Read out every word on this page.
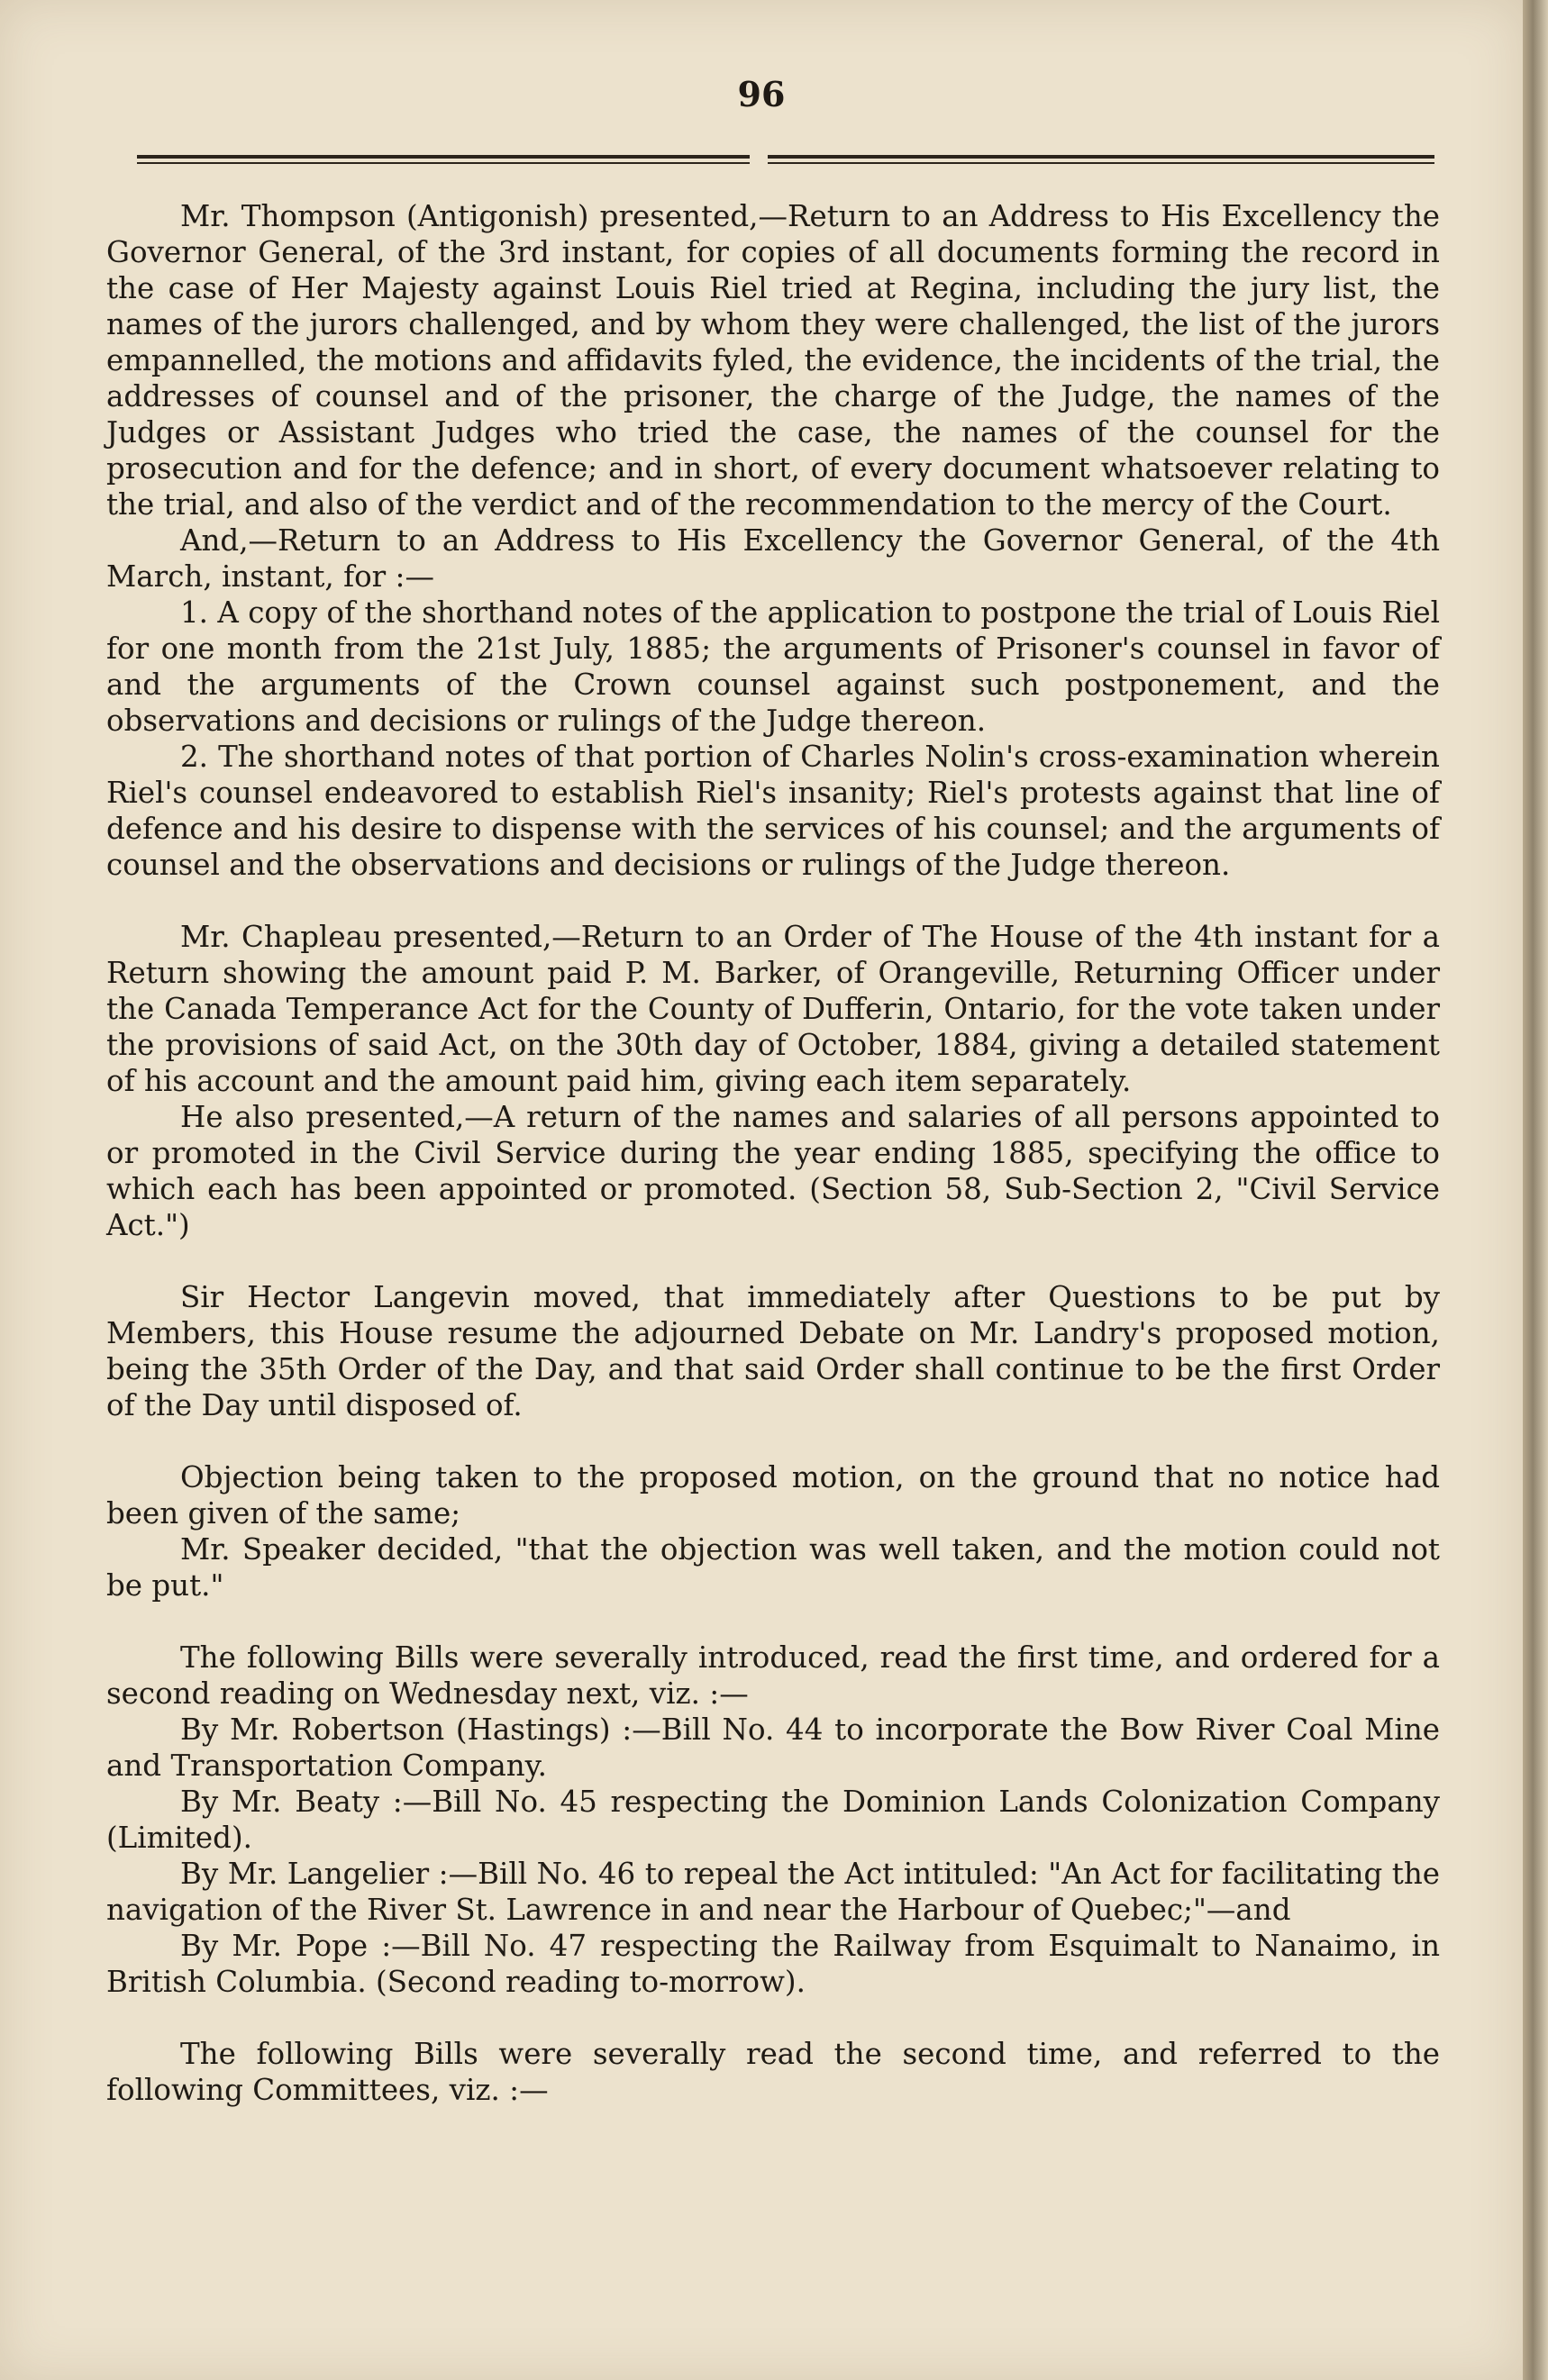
96

Mr. Thompson (Antigonish) presented,—Return to an Address to His Excellency the Governor General, of the 3rd instant, for copies of all documents forming the record in the case of Her Majesty against Louis Riel tried at Regina, including the jury list, the names of the jurors challenged, and by whom they were challenged, the list of the jurors empannelled, the motions and affidavits fyled, the evidence, the incidents of the trial, the addresses of counsel and of the prisoner, the charge of the Judge, the names of the Judges or Assistant Judges who tried the case, the names of the counsel for the prosecution and for the defence; and in short, of every document whatsoever relating to the trial, and also of the verdict and of the recommendation to the mercy of the Court.

And,—Return to an Address to His Excellency the Governor General, of the 4th March, instant, for :—

1. A copy of the shorthand notes of the application to postpone the trial of Louis Riel for one month from the 21st July, 1885; the arguments of Prisoner's counsel in favor of and the arguments of the Crown counsel against such postponement, and the observations and decisions or rulings of the Judge thereon.

2. The shorthand notes of that portion of Charles Nolin's cross-examination wherein Riel's counsel endeavored to establish Riel's insanity; Riel's protests against that line of defence and his desire to dispense with the services of his counsel; and the arguments of counsel and the observations and decisions or rulings of the Judge thereon.

Mr. Chapleau presented,—Return to an Order of The House of the 4th instant for a Return showing the amount paid P. M. Barker, of Orangeville, Returning Officer under the Canada Temperance Act for the County of Dufferin, Ontario, for the vote taken under the provisions of said Act, on the 30th day of October, 1884, giving a detailed statement of his account and the amount paid him, giving each item separately.

He also presented,—A return of the names and salaries of all persons appointed to or promoted in the Civil Service during the year ending 1885, specifying the office to which each has been appointed or promoted. (Section 58, Sub-Section 2, "Civil Service Act.")

Sir Hector Langevin moved, that immediately after Questions to be put by Members, this House resume the adjourned Debate on Mr. Landry's proposed motion, being the 35th Order of the Day, and that said Order shall continue to be the first Order of the Day until disposed of.

Objection being taken to the proposed motion, on the ground that no notice had been given of the same;

Mr. Speaker decided, "that the objection was well taken, and the motion could not be put."

The following Bills were severally introduced, read the first time, and ordered for a second reading on Wednesday next, viz. :—

By Mr. Robertson (Hastings) :—Bill No. 44 to incorporate the Bow River Coal Mine and Transportation Company.

By Mr. Beaty :—Bill No. 45 respecting the Dominion Lands Colonization Company (Limited).

By Mr. Langelier :—Bill No. 46 to repeal the Act intituled: "An Act for facilitating the navigation of the River St. Lawrence in and near the Harbour of Quebec;"—and

By Mr. Pope :—Bill No. 47 respecting the Railway from Esquimalt to Nanaimo, in British Columbia. (Second reading to-morrow).

The following Bills were severally read the second time, and referred to the following Committees, viz. :—
